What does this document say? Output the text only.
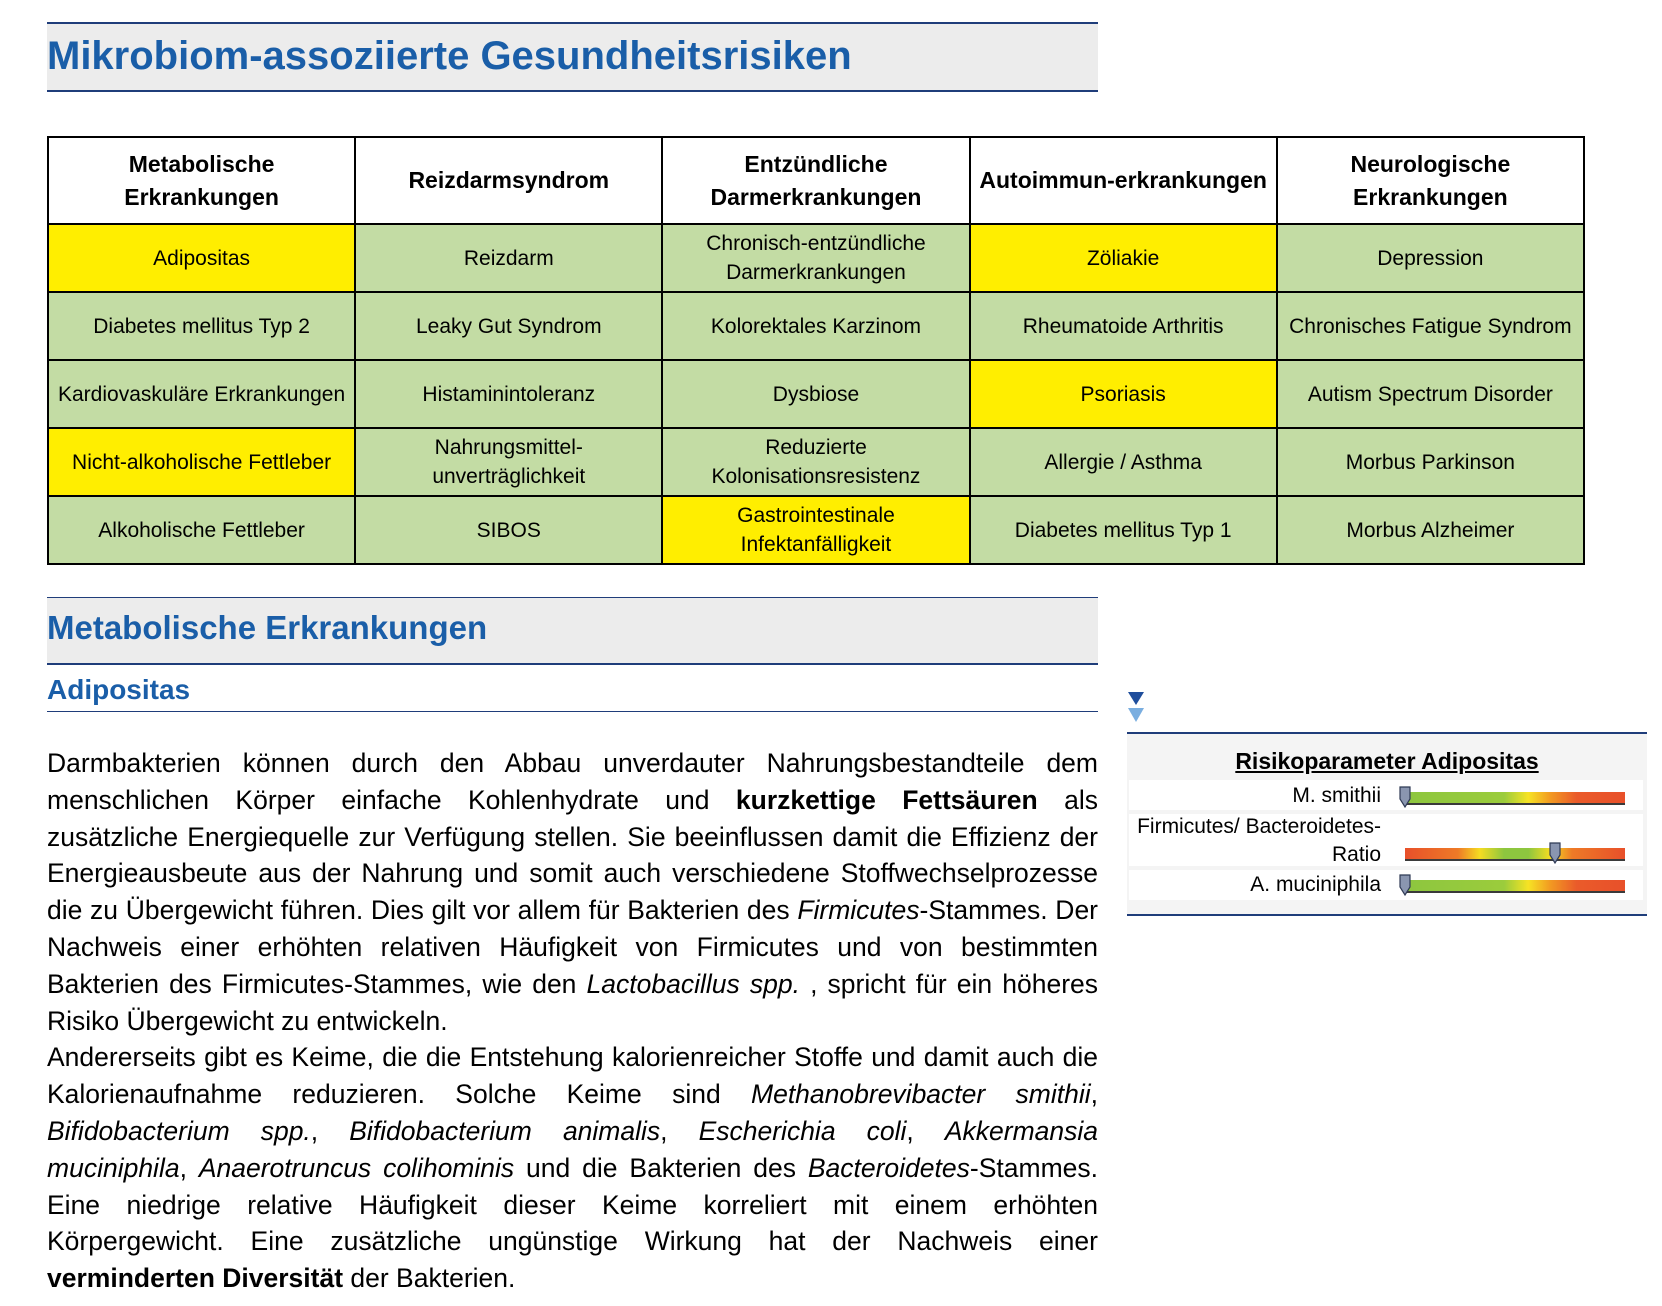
Mikrobiom-assoziierte Gesundheitsrisiken
Metabolische Erkrankungen	Reizdarmsyndrom	Entzündliche Darmerkrankungen	Autoimmun-erkrankungen	Neurologische Erkrankungen
Adipositas	Reizdarm	Chronisch-entzündliche Darmerkrankungen	Zöliakie	Depression
Diabetes mellitus Typ 2	Leaky Gut Syndrom	Kolorektales Karzinom	Rheumatoide Arthritis	Chronisches Fatigue Syndrom
Kardiovaskuläre Erkrankungen	Histaminintoleranz	Dysbiose	Psoriasis	Autism Spectrum Disorder
Nicht-alkoholische Fettleber	Nahrungsmittel-unverträglichkeit	Reduzierte Kolonisationsresistenz	Allergie / Asthma	Morbus Parkinson
Alkoholische Fettleber	SIBOS	Gastrointestinale Infektanfälligkeit	Diabetes mellitus Typ 1	Morbus Alzheimer
Metabolische Erkrankungen
Adipositas

Darmbakterien können durch den Abbau unverdauter Nahrungsbestandteile dem menschlichen Körper einfache Kohlenhydrate und kurzkettige Fettsäuren als zusätzliche Energiequelle zur Verfügung stellen. Sie beeinflussen damit die Effizienz der Energieausbeute aus der Nahrung und somit auch verschiedene Stoffwechselprozesse die zu Übergewicht führen. Dies gilt vor allem für Bakterien des Firmicutes-Stammes. Der Nachweis einer erhöhten relativen Häufigkeit von Firmicutes und von bestimmten Bakterien des Firmicutes-Stammes, wie den Lactobacillus spp. , spricht für ein höheres Risiko Übergewicht zu entwickeln.

Andererseits gibt es Keime, die die Entstehung kalorienreicher Stoffe und damit auch die Kalorienaufnahme reduzieren. Solche Keime sind Methanobrevibacter smithii, Bifidobacterium spp., Bifidobacterium animalis, Escherichia coli, Akkermansia muciniphila, Anaerotruncus colihominis und die Bakterien des Bacteroidetes-Stammes. Eine niedrige relative Häufigkeit dieser Keime korreliert mit einem erhöhten Körpergewicht. Eine zusätzliche ungünstige Wirkung hat der Nachweis einer verminderten Diversität der Bakterien.

Risikoparameter Adipositas
M. smithii
Firmicutes/ Bacteroidetes-Ratio
A. muciniphila
